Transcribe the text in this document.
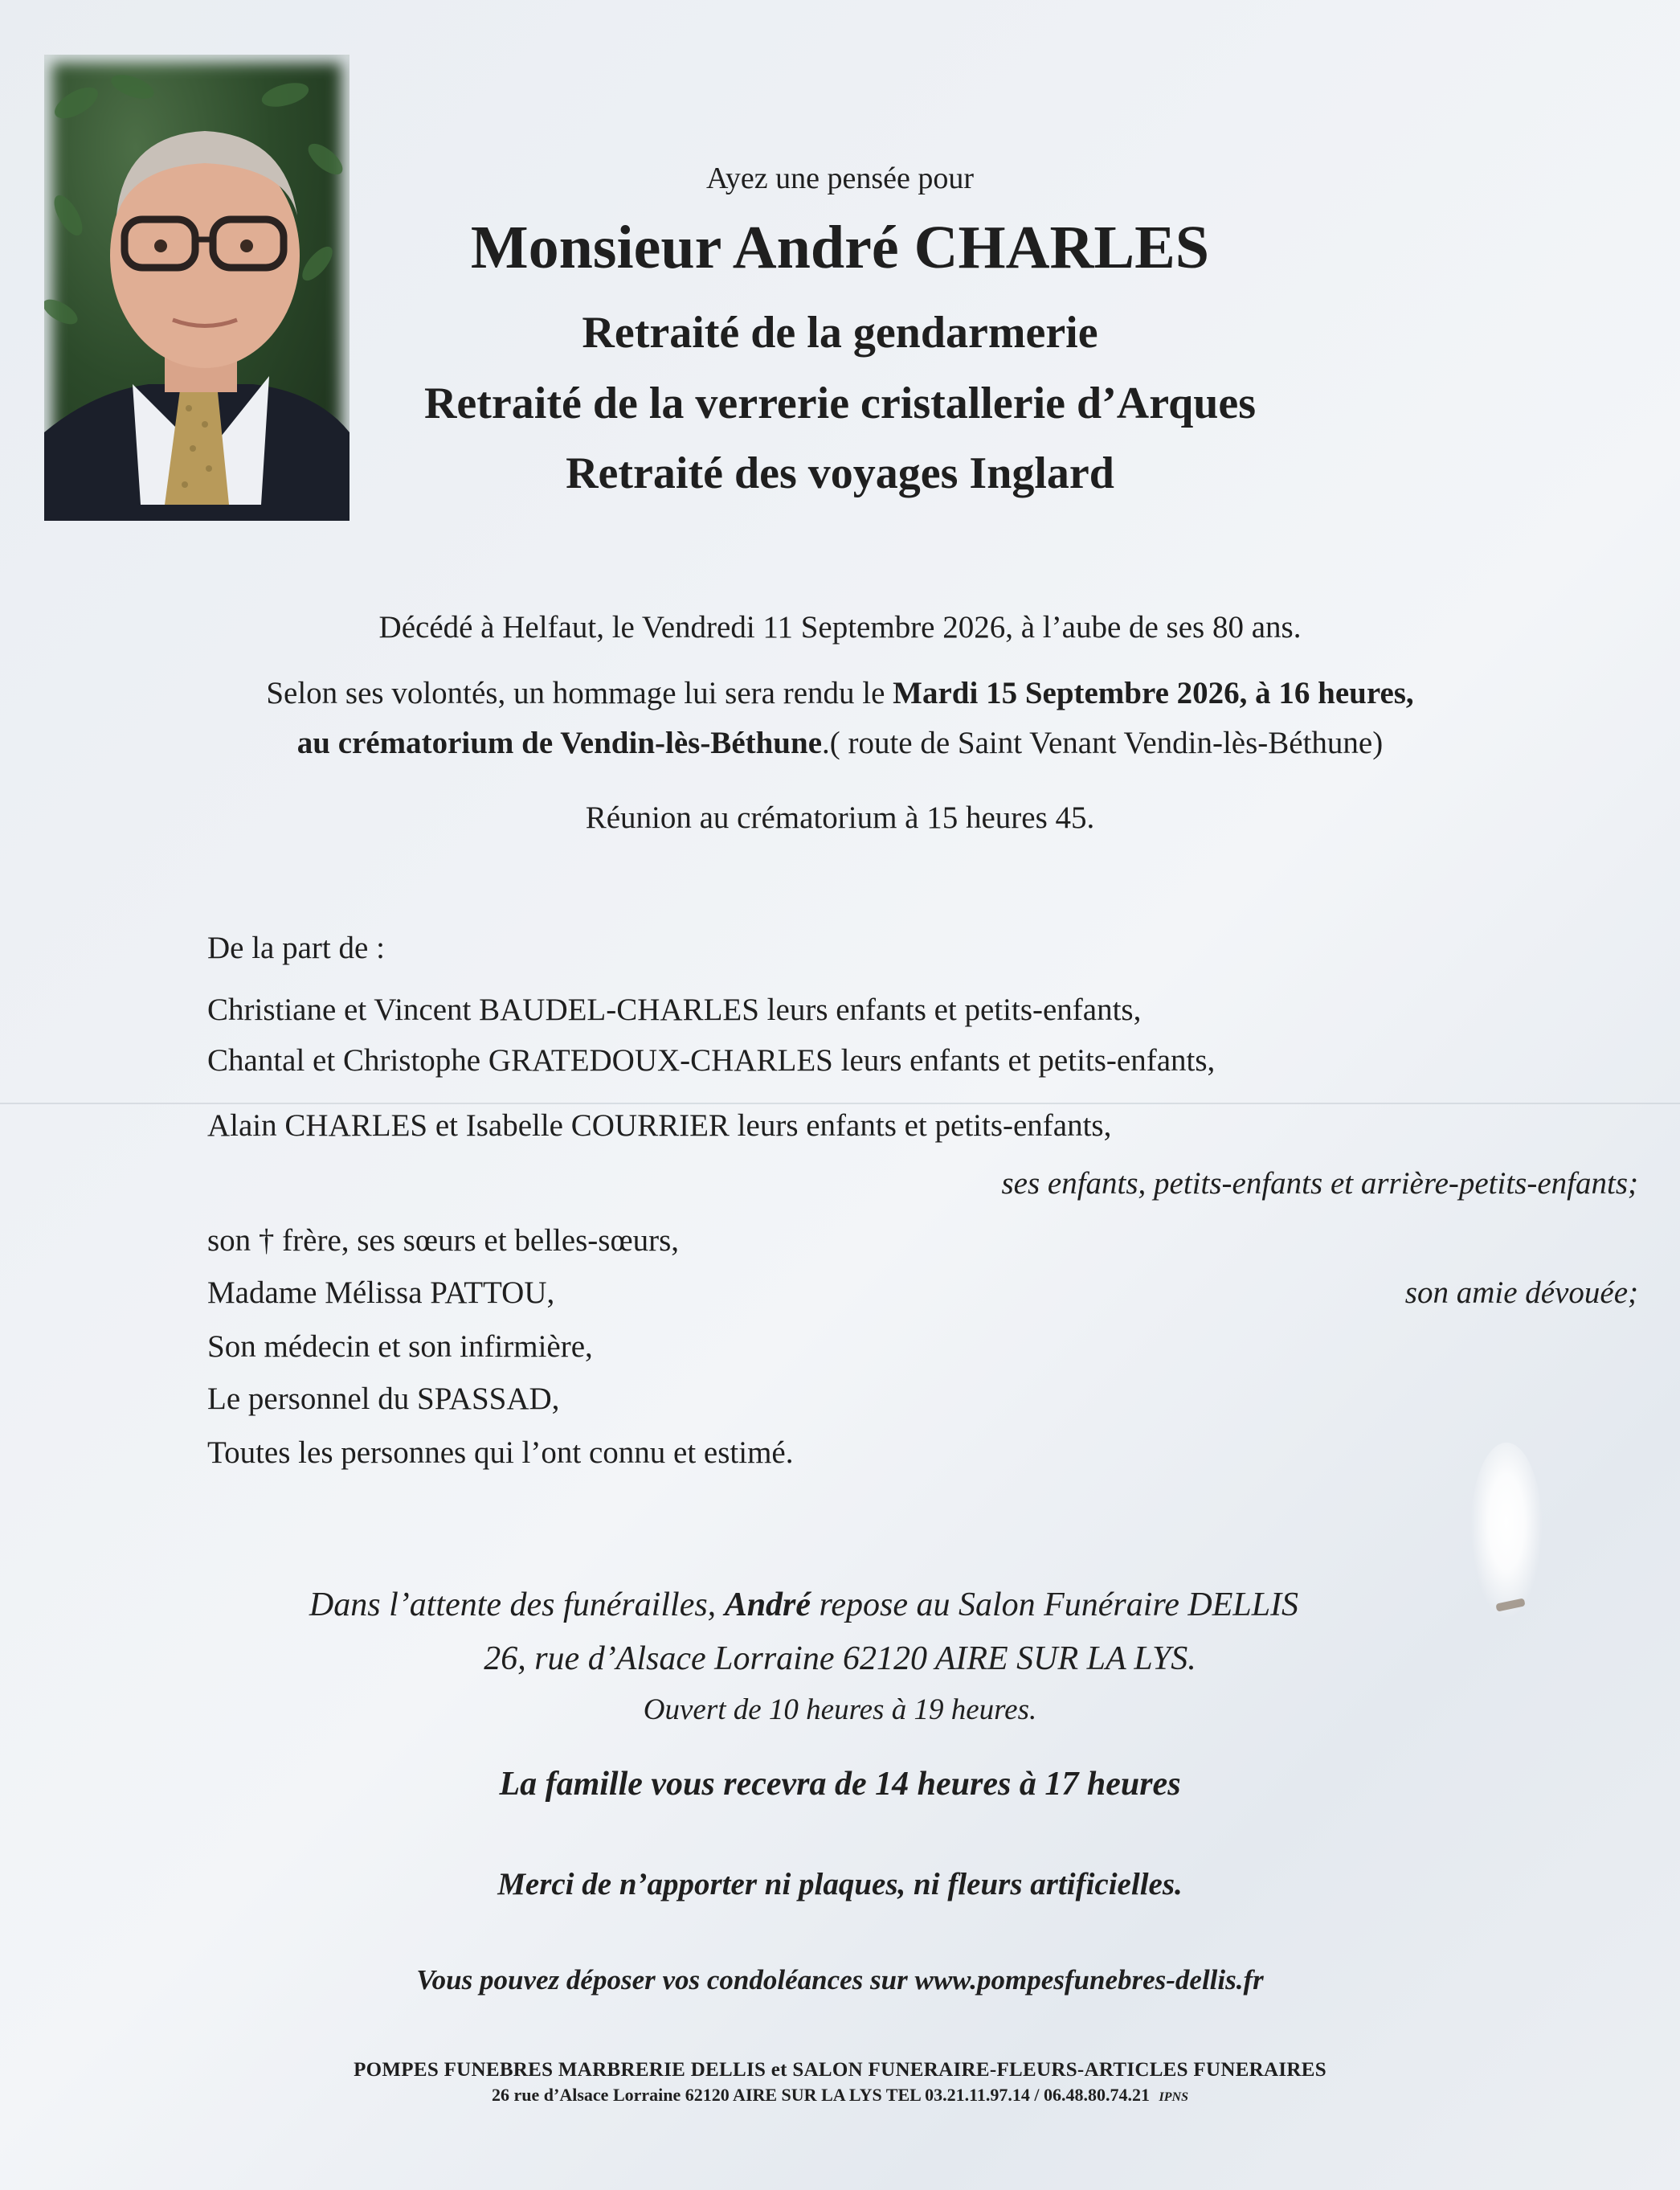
Ayez une pensée pour
Monsieur André CHARLES
Retraité de la gendarmerie
Retraité de la verrerie cristallerie d’Arques
Retraité des voyages Inglard
Décédé à Helfaut, le Vendredi 11 Septembre 2026, à l’aube de ses 80 ans.
Selon ses volontés, un hommage lui sera rendu le Mardi 15 Septembre 2026, à 16 heures,
au crématorium de Vendin-lès-Béthune.( route de Saint Venant Vendin-lès-Béthune)
Réunion au crématorium à 15 heures 45.
De la part de :
Christiane et Vincent BAUDEL-CHARLES leurs enfants et petits-enfants,
Chantal et Christophe GRATEDOUX-CHARLES leurs enfants et petits-enfants,
Alain CHARLES et Isabelle COURRIER leurs enfants et petits-enfants,
ses enfants, petits-enfants et arrière-petits-enfants;
son † frère, ses sœurs et belles-sœurs,
Madame Mélissa PATTOU,	son amie dévouée;
Son médecin et son infirmière,
Le personnel du SPASSAD,
Toutes les personnes qui l’ont connu et estimé.
Dans l’attente des funérailles, André repose au Salon Funéraire DELLIS
26, rue d’Alsace Lorraine 62120 AIRE SUR LA LYS.
Ouvert de 10 heures à 19 heures.
La famille vous recevra de 14 heures à 17 heures
Merci de n’apporter ni plaques, ni fleurs artificielles.
Vous pouvez déposer vos condoléances sur www.pompesfunebres-dellis.fr
POMPES FUNEBRES MARBRERIE DELLIS et SALON FUNERAIRE-FLEURS-ARTICLES FUNERAIRES
26 rue d’Alsace Lorraine 62120 AIRE SUR LA LYS TEL 03.21.11.97.14 / 06.48.80.74.21 IPNS
